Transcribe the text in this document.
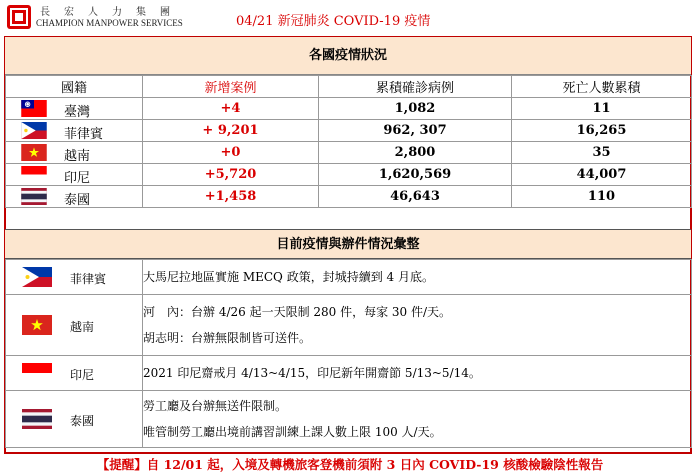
長宏人力集團
CHAMPION MANPOWER SERVICES	04/21 新冠肺炎 COVID-19 疫情
各國疫情狀況
國籍	新增案例	累積確診病例	死亡人數累積

臺灣	+4	1,082	11

菲律賓	+ 9,201	962, 307	16,265

越南	+0	2,800	35

印尼	+5,720	1,620,569	44,007

泰國	+1,458	46,643	110
目前疫情與辦件情況彙整
菲律賓	大馬尼拉地區實施 MECQ 政策，封城持續到 4 月底。

越南	河　內：台辦 4/26 起一天限制 280 件，每家 30 件/天。
胡志明：台辦無限制皆可送件。

印尼	2021 印尼齋戒月 4/13~4/15，印尼新年開齋節 5/13~5/14。

泰國	勞工廳及台辦無送件限制。
唯管制勞工廳出境前講習訓練上課人數上限 100 人/天。
【提醒】自 12/01 起，入境及轉機旅客登機前須附 3 日內 COVID-19 核酸檢驗陰性報告
